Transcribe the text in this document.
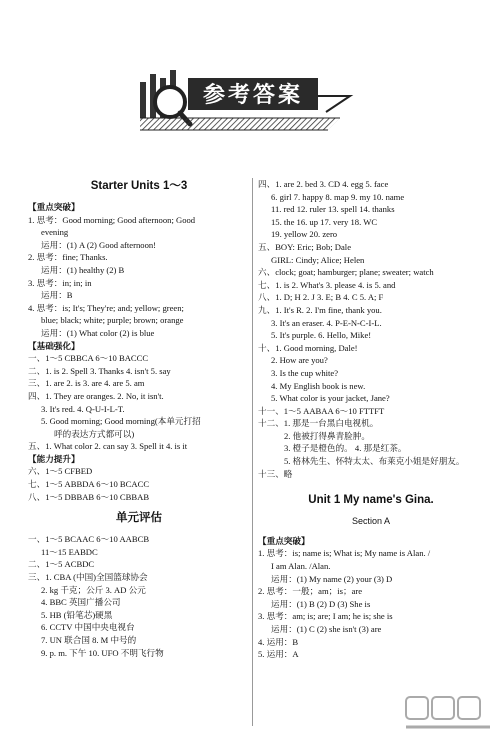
参考答案
Starter Units 1～3
【重点突破】
1. 思考：Good morning; Good afternoon; Good
evening
运用：(1) A (2) Good afternoon!
2. 思考：fine; Thanks.
运用：(1) healthy (2) B
3. 思考：in; in; in
运用：B
4. 思考：is; It's; They're; and; yellow; green;
blue; black; white; purple; brown; orange
运用：(1) What color (2) is blue
【基础强化】
一、1～5 CBBCA 6～10 BACCC
二、1. is 2. Spell 3. Thanks 4. isn't 5. say
三、1. are 2. is 3. are 4. are 5. am
四、1. They are oranges. 2. No, it isn't.
3. It's red. 4. Q-U-I-L-T.
5. Good morning; Good morning(本单元打招
呼的表达方式都可以)
五、1. What color 2. can say 3. Spell it 4. is it
【能力提升】
六、1～5 CFBED
七、1～5 ABBDA 6～10 BCACC
八、1～5 DBBAB 6～10 CBBAB
单元评估
一、1～5 BCAAC 6～10 AABCB
11～15 EABDC
二、1～5 ACBDC
三、1. CBA (中国)全国篮球协会
2. kg 千克；公斤 3. AD 公元
4. BBC 英国广播公司
5. HB (铅笔芯)硬黑
6. CCTV 中国中央电视台
7. UN 联合国 8. M 中号的
9. p. m. 下午 10. UFO 不明飞行物
四、1. are 2. bed 3. CD 4. egg 5. face
6. girl 7. happy 8. map 9. my 10. name
11. red 12. ruler 13. spell 14. thanks
15. the 16. up 17. very 18. WC
19. yellow 20. zero
五、BOY: Eric; Bob; Dale
GIRL: Cindy; Alice; Helen
六、clock; goat; hamburger; plane; sweater; watch
七、1. is 2. What's 3. please 4. is 5. and
八、1. D; H 2. J 3. E; B 4. C 5. A; F
九、1. It's R. 2. I'm fine, thank you.
3. It's an eraser. 4. P-E-N-C-I-L.
5. It's purple. 6. Hello, Mike!
十、1. Good morning, Dale!
2. How are you?
3. Is the cup white?
4. My English book is new.
5. What color is your jacket, Jane?
十一、1～5 AABAA 6～10 FTTFT
十二、1. 那是一台黑白电视机。
2. 他被打得鼻青脸肿。
3. 橙子是橙色的。 4. 那是红茶。
5. 格林先生、怀特太太、布莱克小姐是好朋友。
十三、略
Unit 1 My name's Gina.
Section A
【重点突破】
1. 思考：is; name is; What is; My name is Alan. /
I am Alan. /Alan.
运用：(1) My name (2) your (3) D
2. 思考：一般；am；is；are
运用：(1) B (2) D (3) She is
3. 思考：am; is; are; I am; he is; she is
运用：(1) C (2) she isn't (3) are
4. 运用：B
5. 运用：A
